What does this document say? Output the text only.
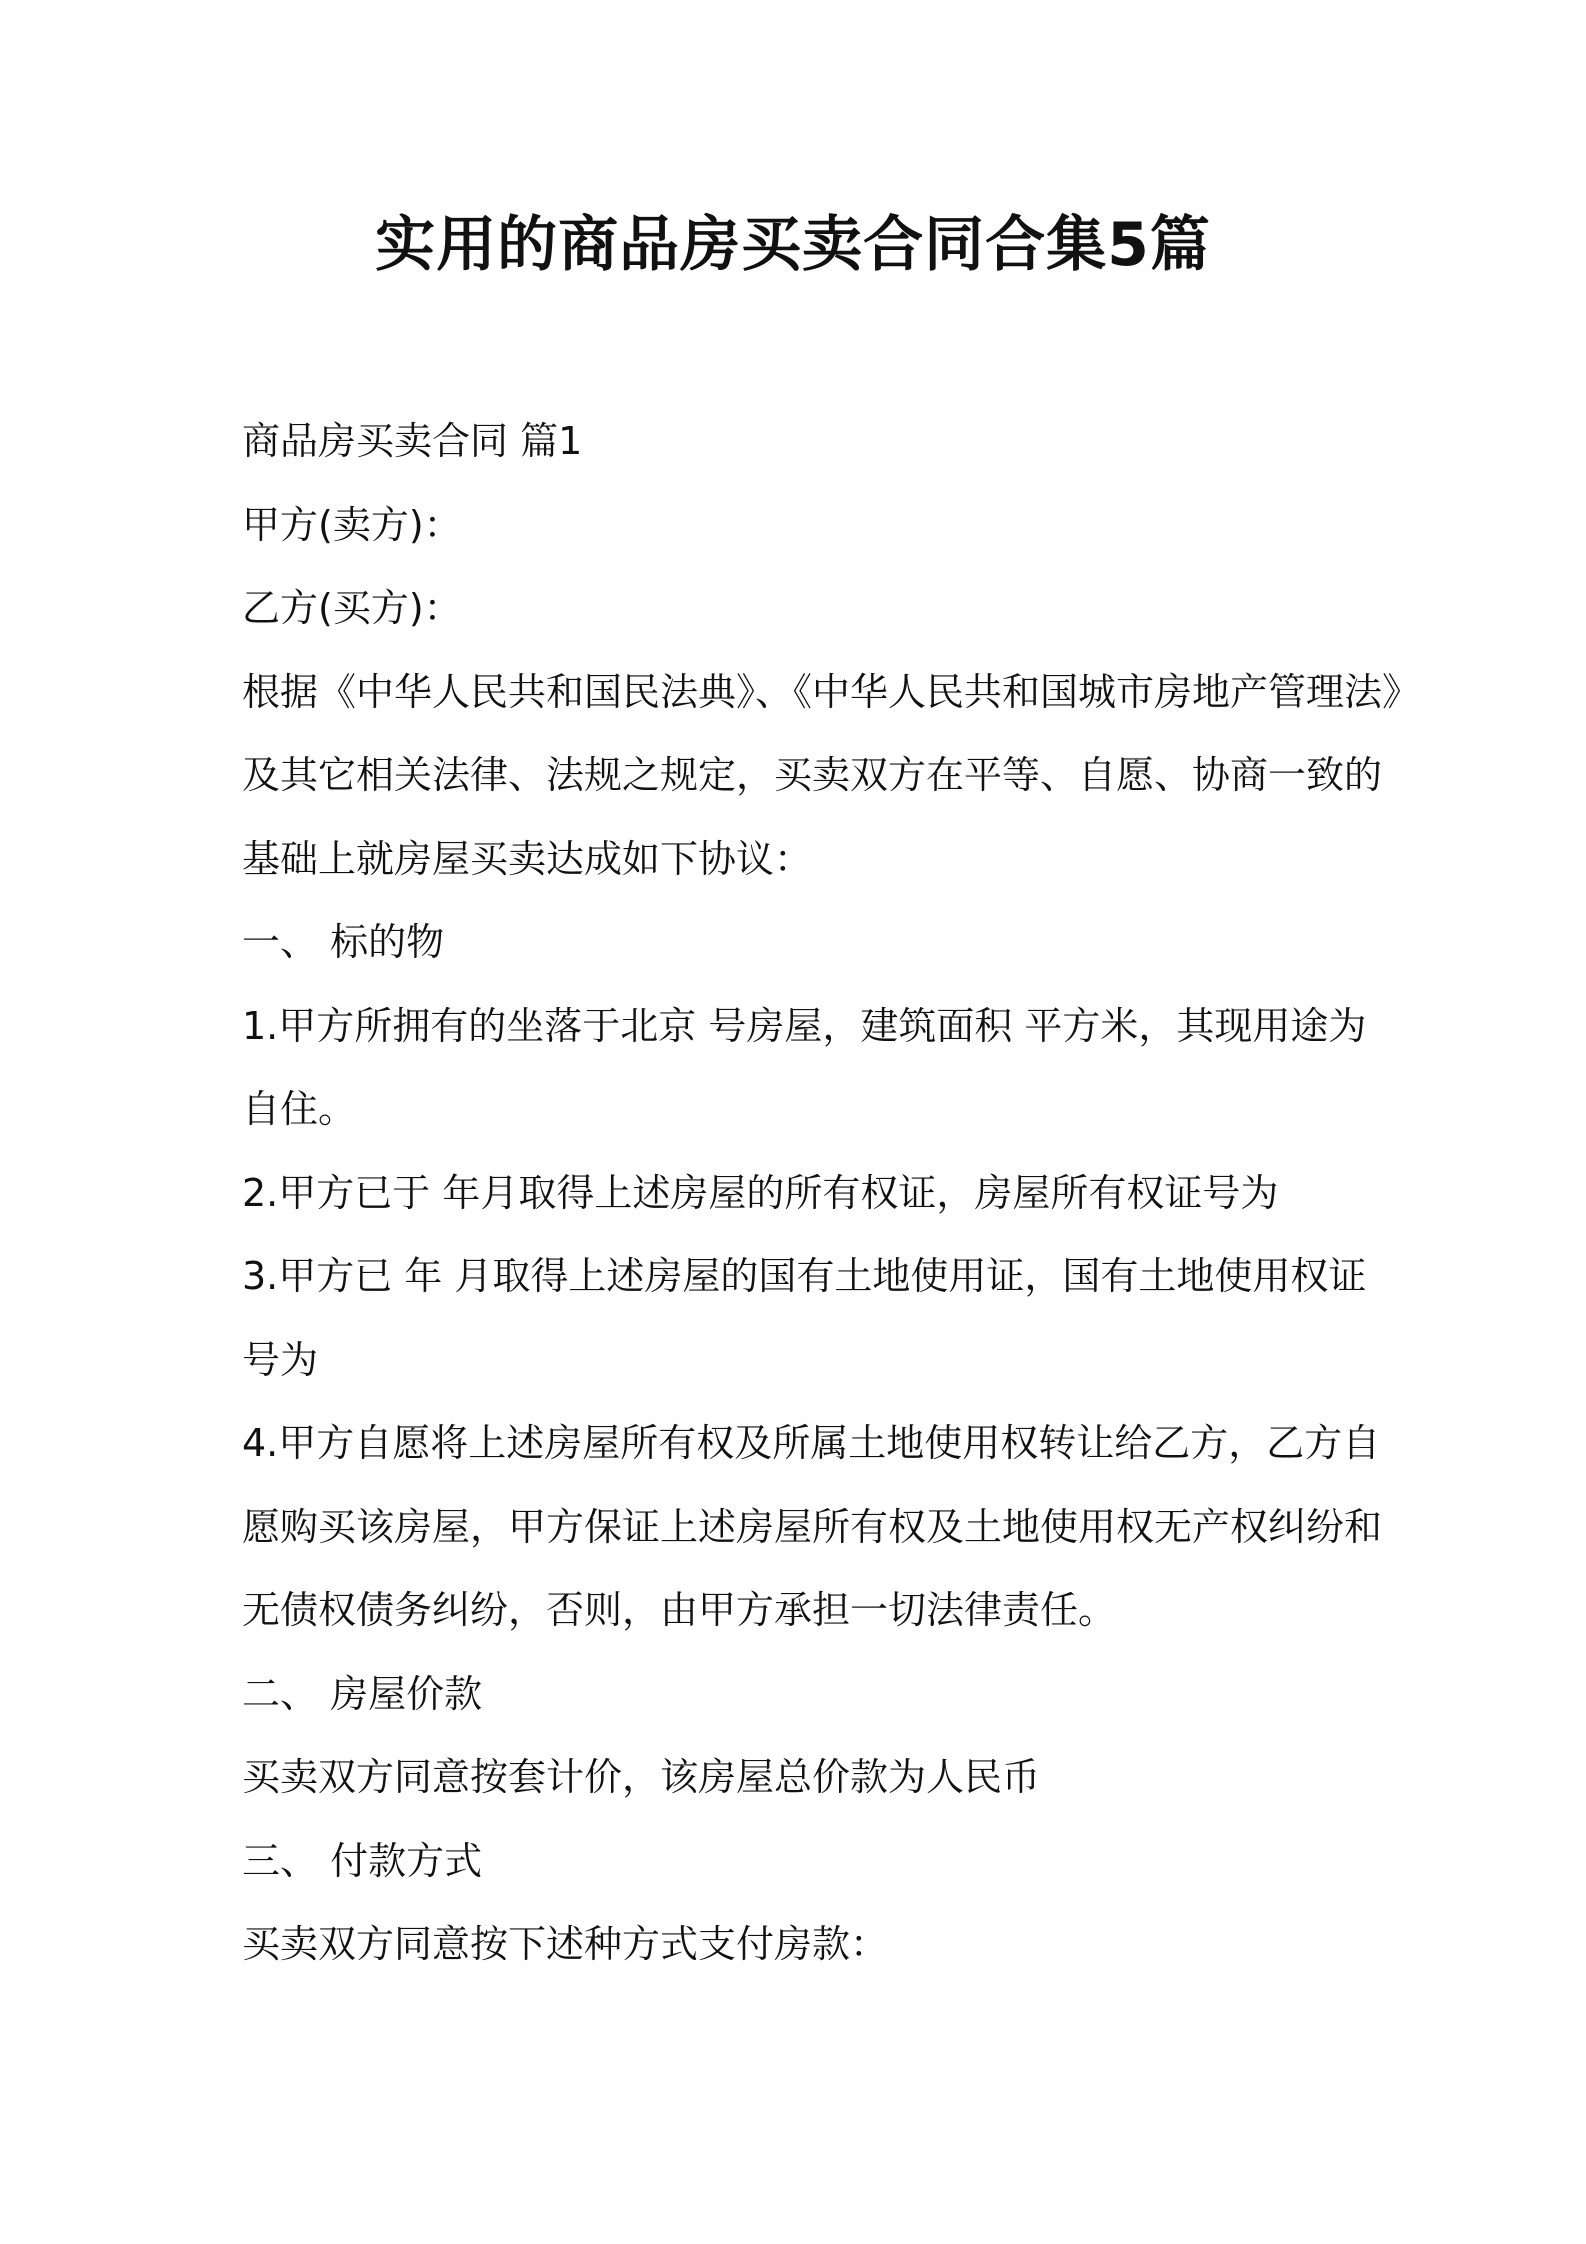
实用的商品房买卖合同合集5篇

商品房买卖合同 篇1

甲方(卖方)：

乙方(买方)：

根据《中华人民共和国民法典》、《中华人民共和国城市房地产管理法》

及其它相关法律、法规之规定，买卖双方在平等、自愿、协商一致的

基础上就房屋买卖达成如下协议：

一、 标的物

1.甲方所拥有的坐落于北京 号房屋，建筑面积 平方米，其现用途为

自住。

2.甲方已于 年月取得上述房屋的所有权证，房屋所有权证号为

3.甲方已 年 月取得上述房屋的国有土地使用证，国有土地使用权证

号为

4.甲方自愿将上述房屋所有权及所属土地使用权转让给乙方，乙方自

愿购买该房屋，甲方保证上述房屋所有权及土地使用权无产权纠纷和

无债权债务纠纷，否则，由甲方承担一切法律责任。

二、 房屋价款

买卖双方同意按套计价，该房屋总价款为人民币

三、 付款方式

买卖双方同意按下述种方式支付房款：
